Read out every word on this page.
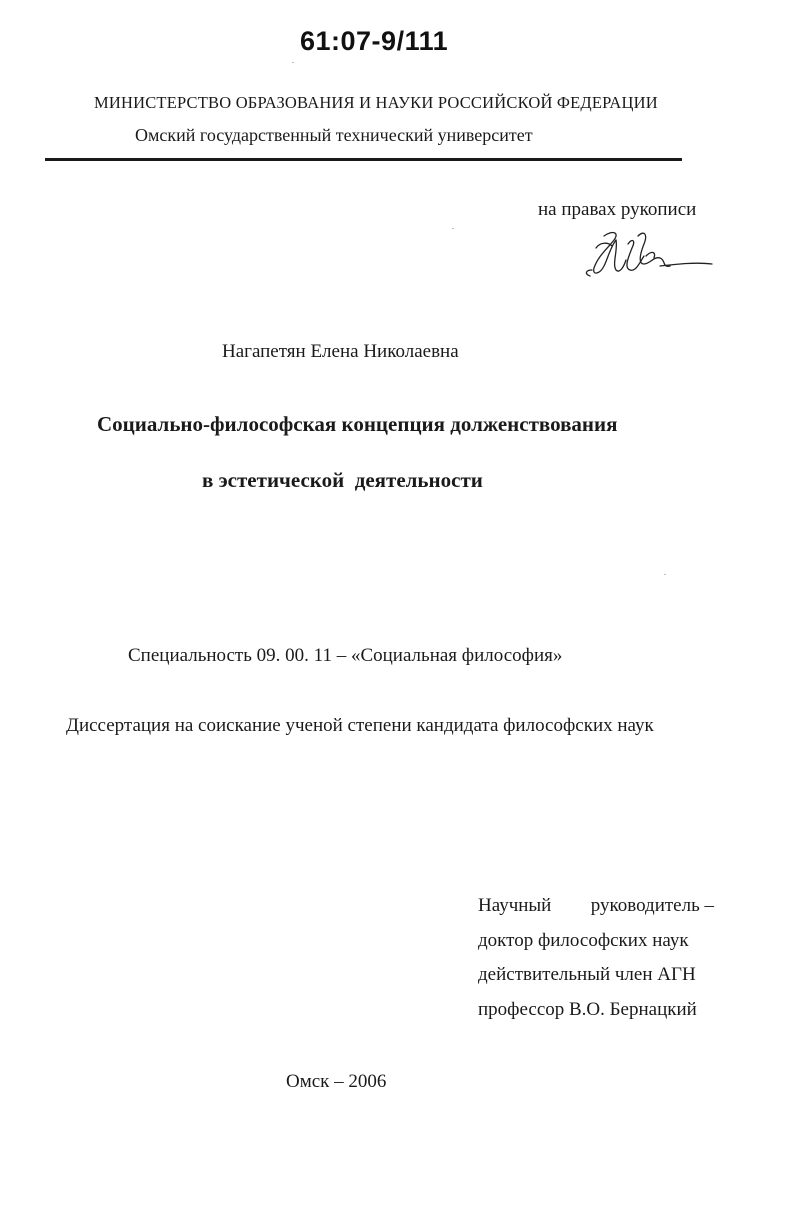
61:07-9/111
МИНИСТЕРСТВО ОБРАЗОВАНИЯ И НАУКИ РОССИЙСКОЙ ФЕДЕРАЦИИ
Омский государственный технический университет
на правах рукописи
Нагапетян Елена Николаевна
Социально-философская концепция долженствования
в эстетической  деятельности
Специальность 09. 00. 11 – «Социальная философия»
Диссертация на соискание ученой степени кандидата философских наук
Научный руководитель –
доктор философских наук
действительный член АГН
профессор В.О. Бернацкий
Омск – 2006
